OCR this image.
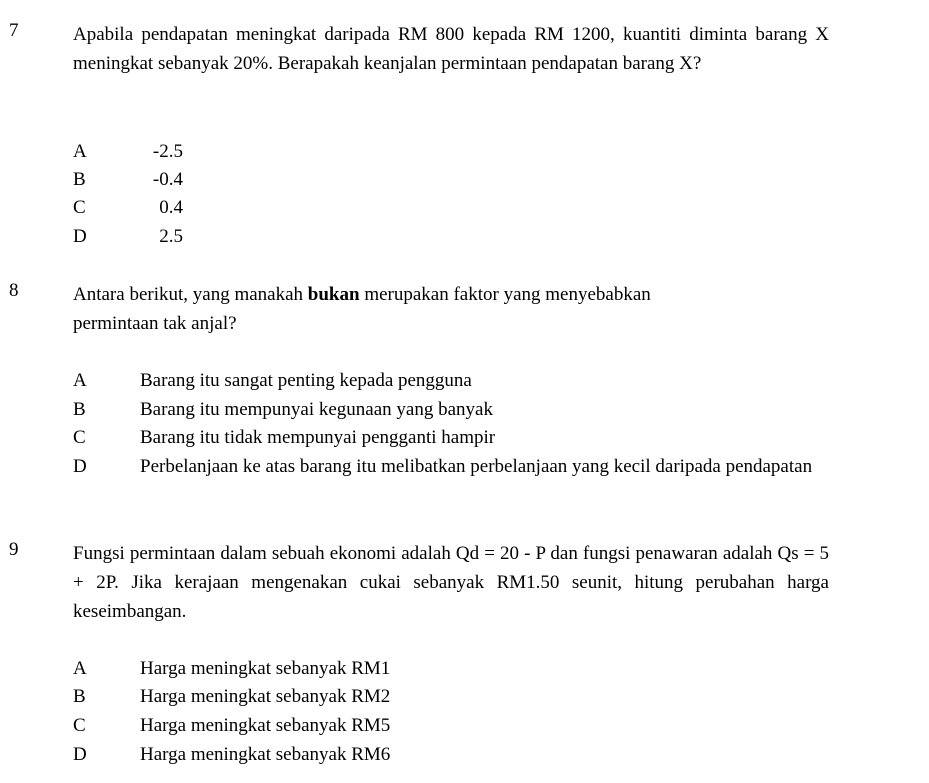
7	Apabila pendapatan meningkat daripada RM 800 kepada RM 1200, kuantiti diminta barang X meningkat sebanyak 20%. Berapakah keanjalan permintaan pendapatan barang X?

A	-2.5
B	-0.4
C	0.4
D	2.5
8	Antara berikut, yang manakah bukan merupakan faktor yang menyebabkan
permintaan tak anjal?

A	Barang itu sangat penting kepada pengguna
B	Barang itu mempunyai kegunaan yang banyak
C	Barang itu tidak mempunyai pengganti hampir
D	Perbelanjaan ke atas barang itu melibatkan perbelanjaan yang kecil daripada pendapatan
9	Fungsi permintaan dalam sebuah ekonomi adalah Qd = 20 - P dan fungsi penawaran adalah Qs = 5 + 2P. Jika kerajaan mengenakan cukai sebanyak RM1.50 seunit, hitung perubahan harga keseimbangan.

A	Harga meningkat sebanyak RM1
B	Harga meningkat sebanyak RM2
C	Harga meningkat sebanyak RM5
D	Harga meningkat sebanyak RM6
